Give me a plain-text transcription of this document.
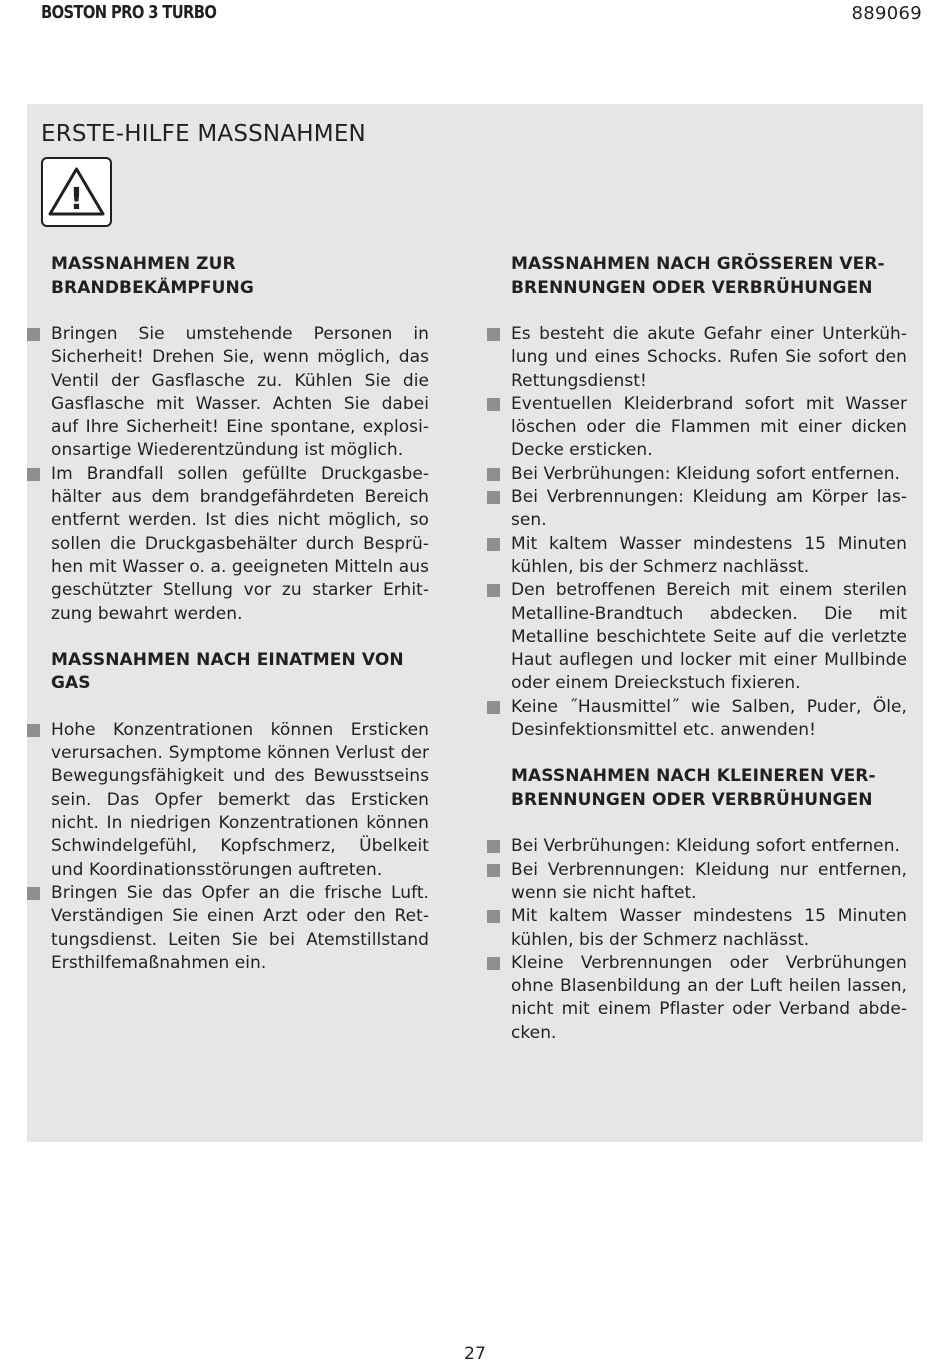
BOSTON PRO 3 TURBO	889069
ERSTE-HILFE MASSNAHMEN
!
MASSNAHMEN ZUR BRANDBEKÄMPFUNG
Bringen Sie umstehende Personen in Sicherheit! Drehen Sie, wenn möglich, das Ventil der Gasflasche zu. Kühlen Sie die Gasflasche mit Wasser. Achten Sie dabei auf Ihre Sicherheit! Eine spontane, explosionsartige Wiederentzündung ist möglich.
Im Brandfall sollen gefüllte Druckgasbehälter aus dem brandgefährdeten Bereich entfernt werden. Ist dies nicht möglich, so sollen die Druckgasbehälter durch Besprühen mit Wasser o. a. geeigneten Mitteln aus geschützter Stellung vor zu starker Erhitzung bewahrt werden.
MASSNAHMEN NACH EINATMEN VON GAS
Hohe Konzentrationen können Ersticken verursachen. Symptome können Verlust der Bewegungsfähigkeit und des Bewusstseins sein. Das Opfer bemerkt das Ersticken nicht. In niedrigen Konzentrationen können Schwindelgefühl, Kopfschmerz, Übelkeit und Koordinationsstörungen auftreten.
Bringen Sie das Opfer an die frische Luft. Verständigen Sie einen Arzt oder den Rettungsdienst. Leiten Sie bei Atemstillstand Ersthilfemaßnahmen ein.
MASSNAHMEN NACH GRÖSSEREN VERBRENNUNGEN ODER VERBRÜHUNGEN
Es besteht die akute Gefahr einer Unterkühlung und eines Schocks. Rufen Sie sofort den Rettungsdienst!
Eventuellen Kleiderbrand sofort mit Wasser löschen oder die Flammen mit einer dicken Decke ersticken.
Bei Verbrühungen: Kleidung sofort entfernen.
Bei Verbrennungen: Kleidung am Körper lassen.
Mit kaltem Wasser mindestens 15 Minuten kühlen, bis der Schmerz nachlässt.
Den betroffenen Bereich mit einem sterilen Metalline-Brandtuch abdecken. Die mit Metalline beschichtete Seite auf die verletzte Haut auflegen und locker mit einer Mullbinde oder einem Dreieckstuch fixieren.
Keine ˝Hausmittel˝ wie Salben, Puder, Öle, Desinfektionsmittel etc. anwenden!
MASSNAHMEN NACH KLEINEREN VERBRENNUNGEN ODER VERBRÜHUNGEN
Bei Verbrühungen: Kleidung sofort entfernen.
Bei Verbrennungen: Kleidung nur entfernen, wenn sie nicht haftet.
Mit kaltem Wasser mindestens 15 Minuten kühlen, bis der Schmerz nachlässt.
Kleine Verbrennungen oder Verbrühungen ohne Blasenbildung an der Luft heilen lassen, nicht mit einem Pflaster oder Verband abdecken.
27
